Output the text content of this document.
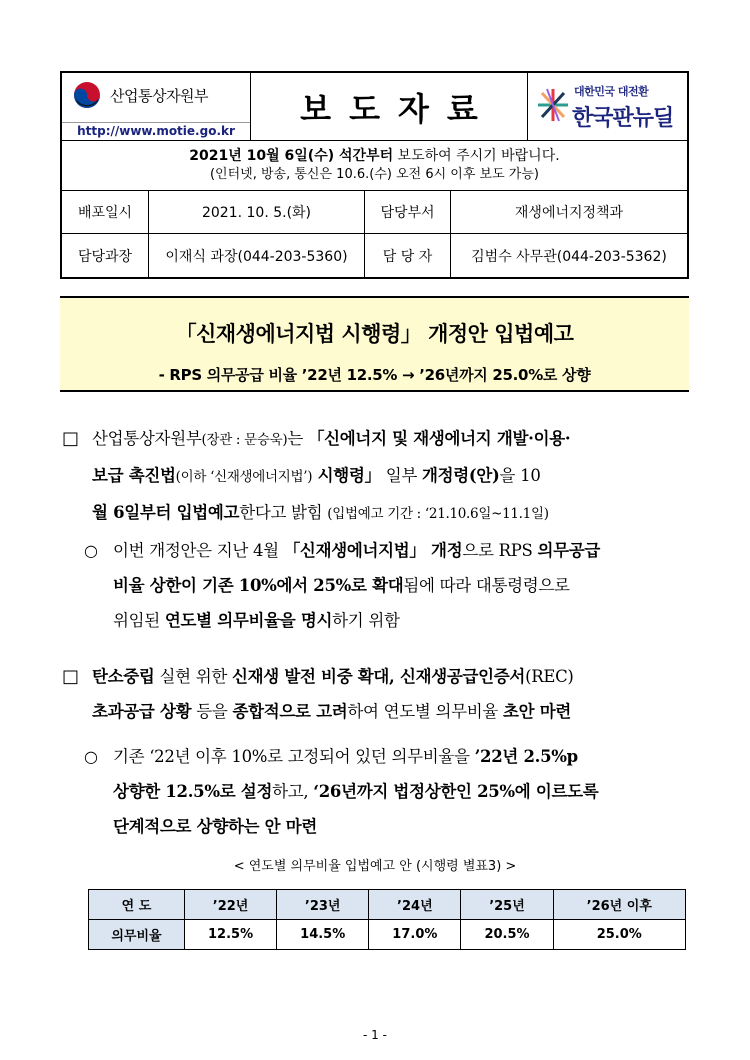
산업통상자원부
http://www.motie.go.kr
보도자료	대한민국 대전환
한국판뉴딜
2021년 10월 6일(수) 석간부터 보도하여 주시기 바랍니다.
(인터넷, 방송, 통신은 10.6.(수) 오전 6시 이후 보도 가능)
배포일시	2021. 10. 5.(화)	담당부서	재생에너지정책과
담당과장	이재식 과장(044-203-5360)	담 당 자	김범수 사무관(044-203-5362)
「신재생에너지법 시행령」 개정안 입법예고
- RPS 의무공급 비율 ’22년 12.5% → ’26년까지 25.0%로 상향
□ 산업통상자원부(장관 : 문승욱)는 「신에너지 및 재생에너지 개발·이용·
보급 촉진법(이하 ‘신재생에너지법’) 시행령」 일부 개정령(안)을 10
월 6일부터 입법예고한다고 밝힘 (입법예고 기간 : ‘21.10.6일~11.1일)
○ 이번 개정안은 지난 4월 「신재생에너지법」 개정으로 RPS 의무공급
비율 상한이 기존 10%에서 25%로 확대됨에 따라 대통령령으로
위임된 연도별 의무비율을 명시하기 위함
□ 탄소중립 실현 위한 신재생 발전 비중 확대, 신재생공급인증서(REC)
초과공급 상황 등을 종합적으로 고려하여 연도별 의무비율 초안 마련
○ 기존 ‘22년 이후 10%로 고정되어 있던 의무비율을 ’22년 2.5%p
상향한 12.5%로 설정하고, ‘26년까지 법정상한인 25%에 이르도록
단계적으로 상향하는 안 마련
< 연도별 의무비율 입법예고 안 (시행령 별표3) >
연 도	’22년	’23년	’24년	’25년	’26년 이후
의무비율	12.5%	14.5%	17.0%	20.5%	25.0%
- 1 -
